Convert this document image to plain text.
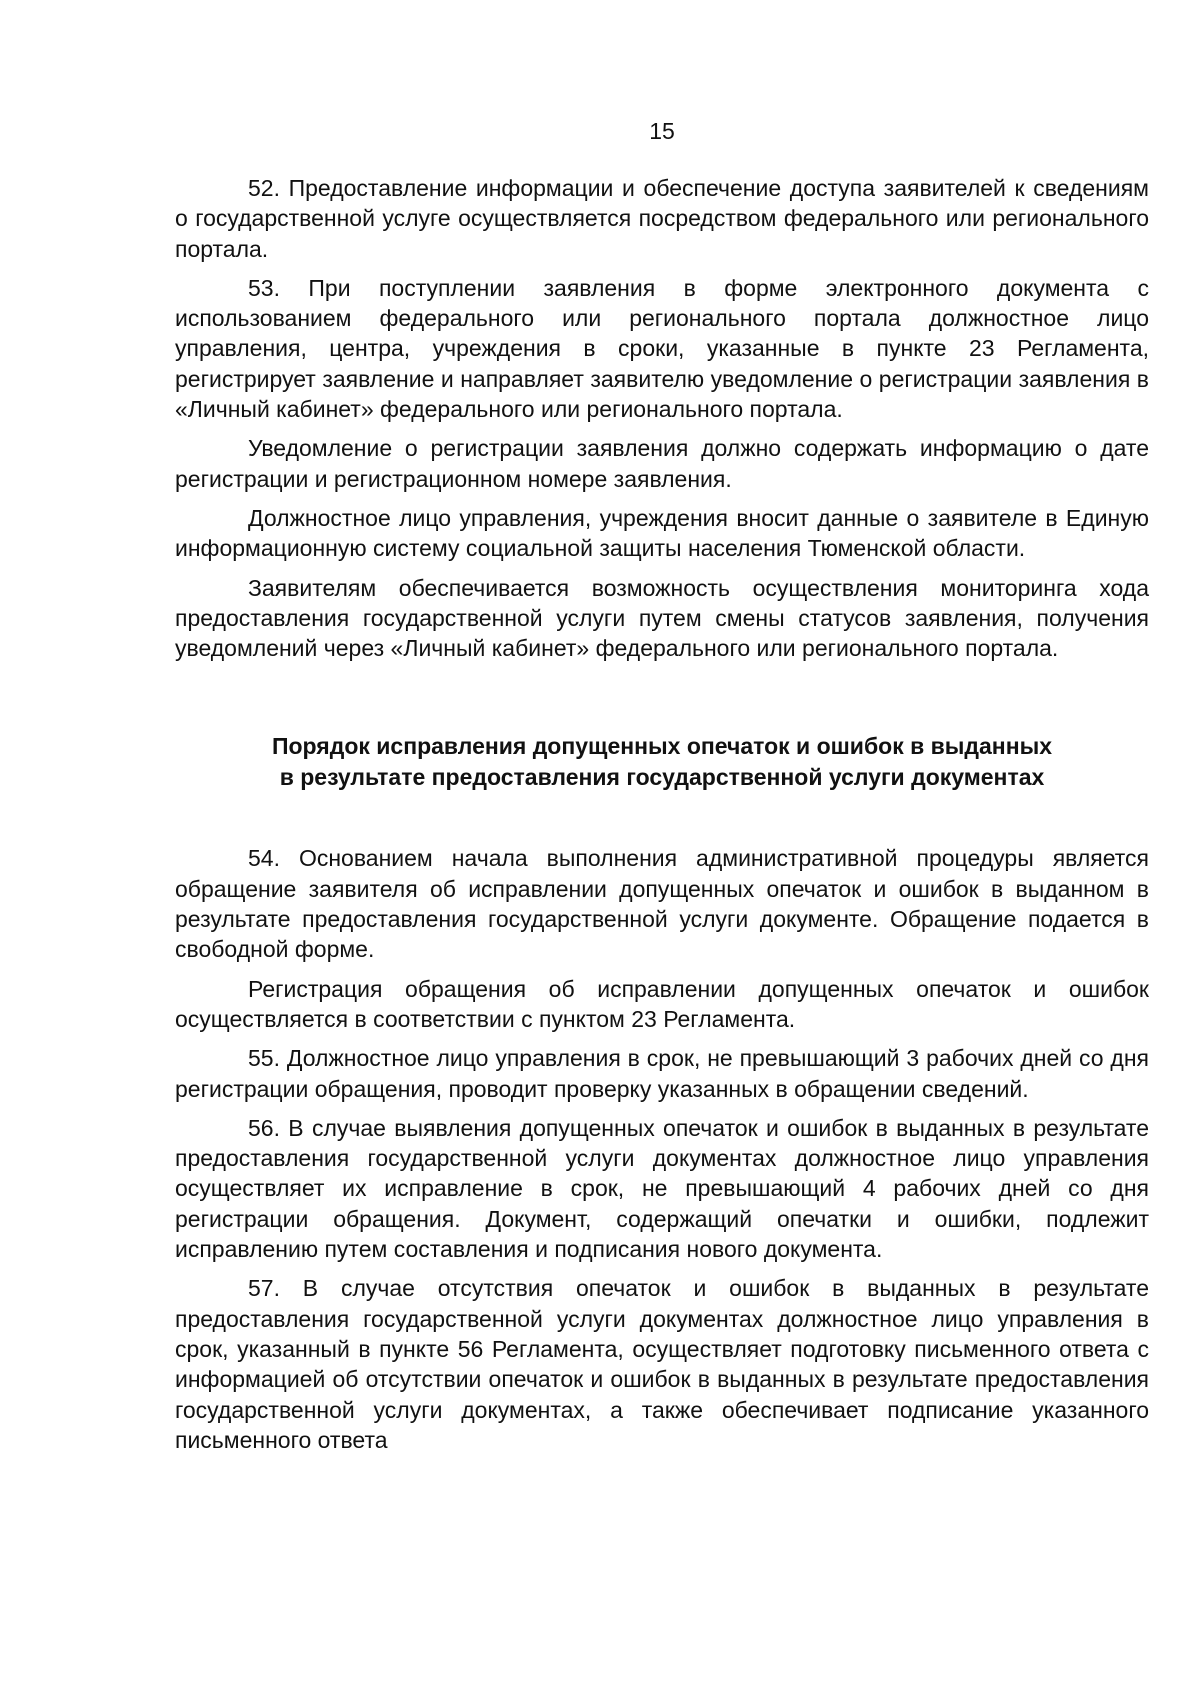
15

52. Предоставление информации и обеспечение доступа заявителей к сведениям о государственной услуге осуществляется посредством федерального или регионального портала.

53. При поступлении заявления в форме электронного документа с использованием федерального или регионального портала должностное лицо управления, центра, учреждения в сроки, указанные в пункте 23 Регламента, регистрирует заявление и направляет заявителю уведомление о регистрации заявления в «Личный кабинет» федерального или регионального портала.

Уведомление о регистрации заявления должно содержать информацию о дате регистрации и регистрационном номере заявления.

Должностное лицо управления, учреждения вносит данные о заявителе в Единую информационную систему социальной защиты населения Тюменской области.

Заявителям обеспечивается возможность осуществления мониторинга хода предоставления государственной услуги путем смены статусов заявления, получения уведомлений через «Личный кабинет» федерального или регионального портала.

Порядок исправления допущенных опечаток и ошибок в выданных
в результате предоставления государственной услуги документах

54. Основанием начала выполнения административной процедуры является обращение заявителя об исправлении допущенных опечаток и ошибок в выданном в результате предоставления государственной услуги документе. Обращение подается в свободной форме.

Регистрация обращения об исправлении допущенных опечаток и ошибок осуществляется в соответствии с пунктом 23 Регламента.

55. Должностное лицо управления в срок, не превышающий 3 рабочих дней со дня регистрации обращения, проводит проверку указанных в обращении сведений.

56. В случае выявления допущенных опечаток и ошибок в выданных в результате предоставления государственной услуги документах должностное лицо управления осуществляет их исправление в срок, не превышающий 4 рабочих дней со дня регистрации обращения. Документ, содержащий опечатки и ошибки, подлежит исправлению путем составления и подписания нового документа.

57. В случае отсутствия опечаток и ошибок в выданных в результате предоставления государственной услуги документах должностное лицо управления в срок, указанный в пункте 56 Регламента, осуществляет подготовку письменного ответа с информацией об отсутствии опечаток и ошибок в выданных в результате предоставления государственной услуги документах, а также обеспечивает подписание указанного письменного ответа
